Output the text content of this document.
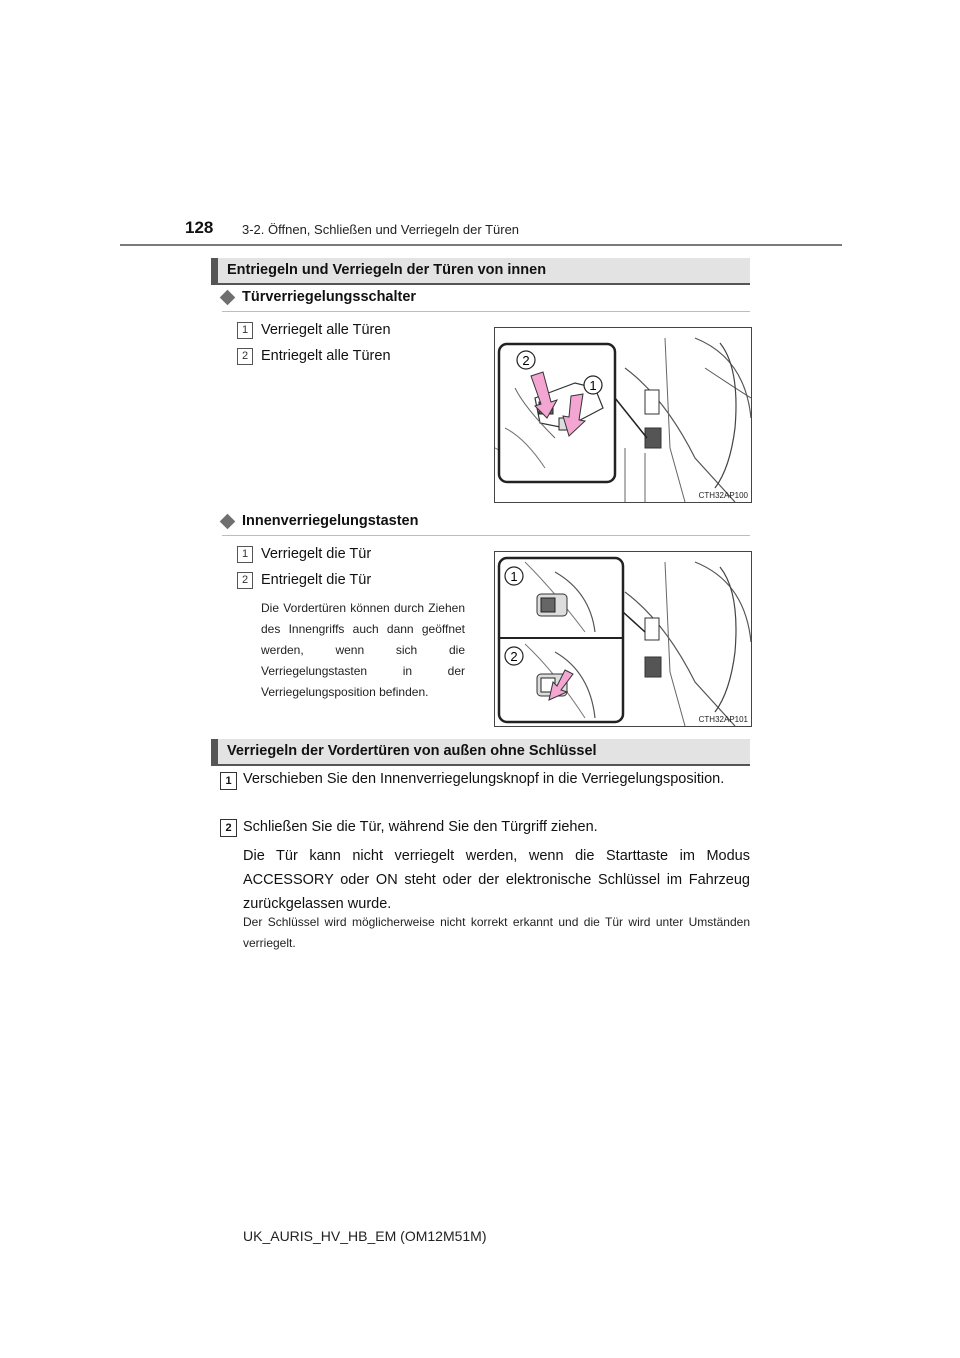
128 3-2. Öffnen, Schließen und Verriegeln der Türen
Entriegeln und Verriegeln der Türen von innen
Türverriegelungsschalter
1 Verriegelt alle Türen
2 Entriegelt alle Türen	2
1
CTH32AP100
Innenverriegelungstasten
1 Verriegelt die Tür
2 Entriegelt die Tür
Die Vordertüren können durch Ziehen des Innengriffs auch dann geöffnet werden, wenn sich die Verriegelungstasten in der Verriegelungsposition befinden.
1
2
CTH32AP101
Verriegeln der Vordertüren von außen ohne Schlüssel
1 Verschieben Sie den Innenverriegelungsknopf in die Verriegelungsposition.
2 Schließen Sie die Tür, während Sie den Türgriff ziehen.
Die Tür kann nicht verriegelt werden, wenn die Starttaste im Modus ACCESSORY oder ON steht oder der elektronische Schlüssel im Fahrzeug zurückgelassen wurde.
Der Schlüssel wird möglicherweise nicht korrekt erkannt und die Tür wird unter Umständen verriegelt.
UK_AURIS_HV_HB_EM (OM12M51M)
